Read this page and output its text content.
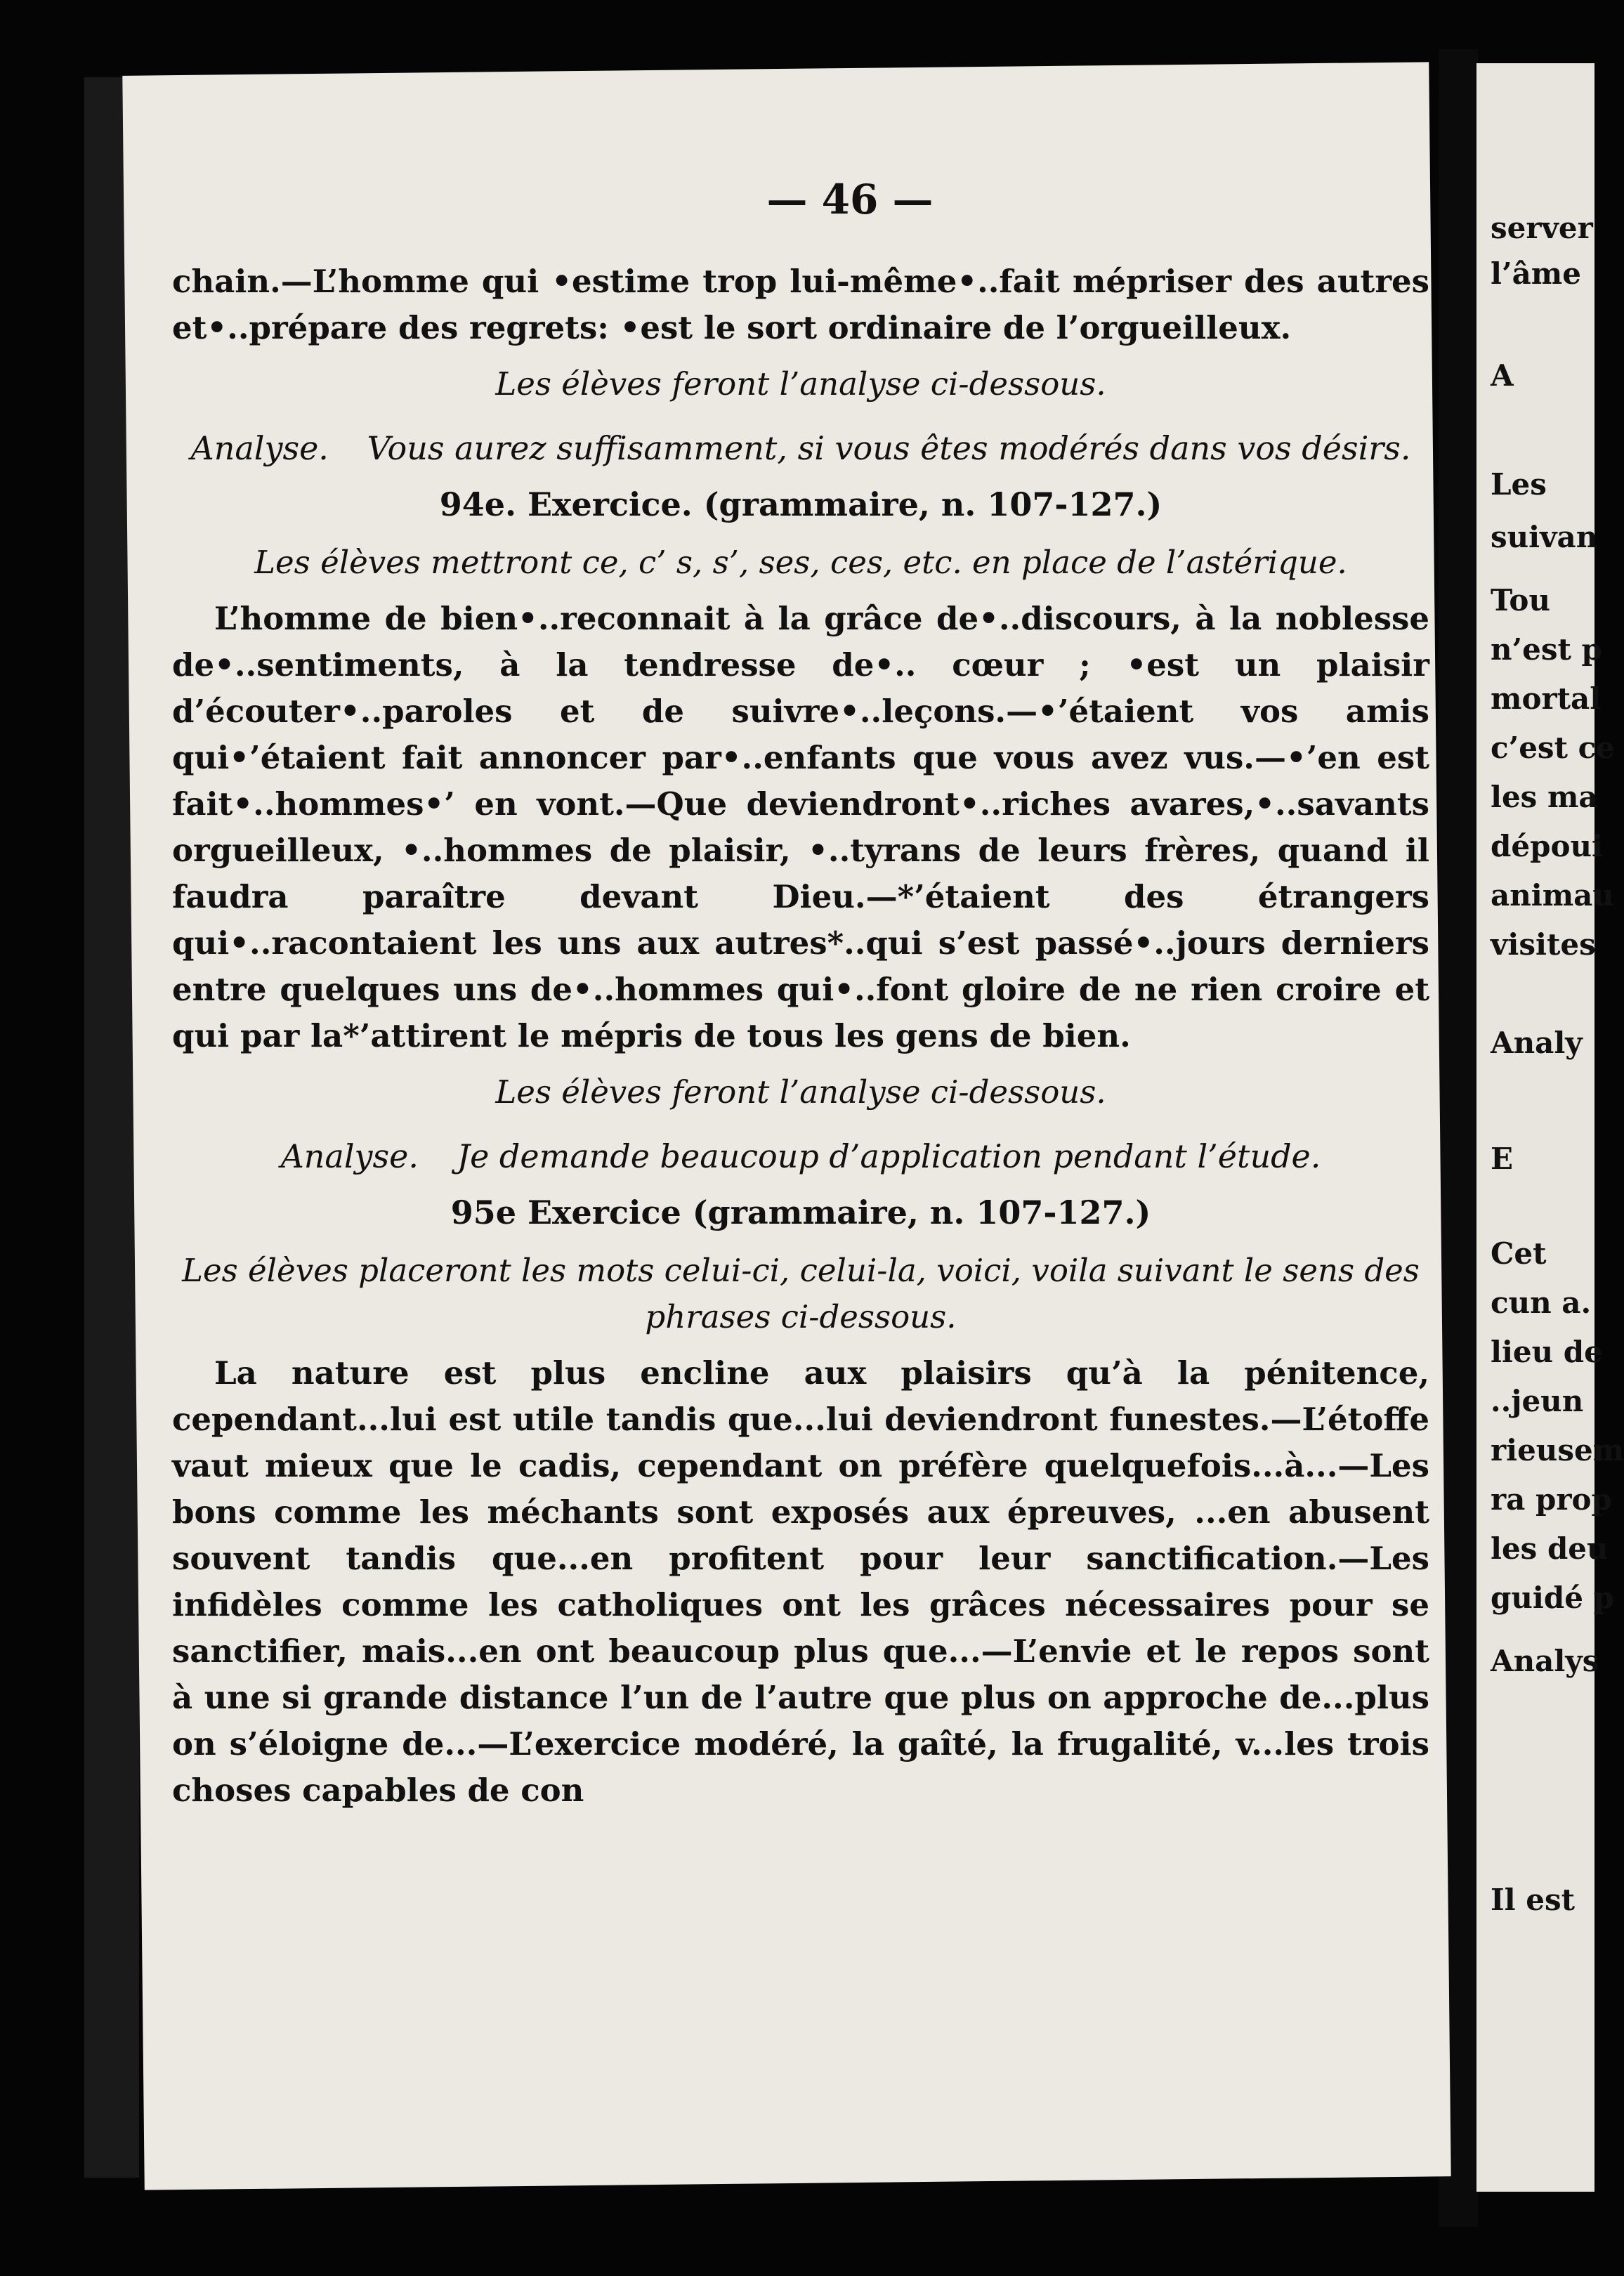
server
l’âme
A
Les
suivan
Tou
n’est p
mortal
c’est ce
les ma
dépoui
animau
visites
Analy
E
Cet
cun a.
lieu de
..jeun
rieusem
ra prop
les deu
guidé p
Analys
Il est
— 46 —

chain.—L’homme qui •estime trop lui-même•..fait mépriser des autres et•..prépare des regrets: •est le sort ordinaire de l’orgueilleux.

Les élèves feront l’analyse ci-dessous.
Analyse. Vous aurez suffisamment, si vous êtes modérés dans vos désirs.
94e. Exercice. (grammaire, n. 107-127.)
Les élèves mettront ce, c’ s, s’, ses, ces, etc. en place de l’astérique.

L’homme de bien•..reconnait à la grâce de•..discours, à la noblesse de•..sentiments, à la tendresse de•.. cœur ; •est un plaisir d’écouter•..paroles et de suivre•..leçons.—•’étaient vos amis qui•’étaient fait annoncer par•..enfants que vous avez vus.—•’en est fait•..hommes•’ en vont.—Que deviendront•..riches avares,•..savants orgueilleux, •..hommes de plaisir, •..tyrans de leurs frères, quand il faudra paraître devant Dieu.—*’étaient des étrangers qui•..racontaient les uns aux autres*..qui s’est passé•..jours derniers entre quelques uns de•..hommes qui•..font gloire de ne rien croire et qui par la*’attirent le mépris de tous les gens de bien.

Les élèves feront l’analyse ci-dessous.
Analyse. Je demande beaucoup d’application pendant l’étude.
95e Exercice (grammaire, n. 107-127.)
Les élèves placeront les mots celui-ci, celui-la, voici, voila suivant le sens des phrases ci-dessous.

La nature est plus encline aux plaisirs qu’à la pénitence, cependant...lui est utile tandis que...lui deviendront funestes.—L’étoffe vaut mieux que le cadis, cependant on préfère quelquefois...à...—Les bons comme les méchants sont exposés aux épreuves, ...en abusent souvent tandis que...en profitent pour leur sanctification.—Les infidèles comme les catholiques ont les grâces nécessaires pour se sanctifier, mais...en ont beaucoup plus que...—L’envie et le repos sont à une si grande distance l’un de l’autre que plus on approche de...plus on s’éloigne de...—L’exercice modéré, la gaîté, la frugalité, v...les trois choses capables de con
